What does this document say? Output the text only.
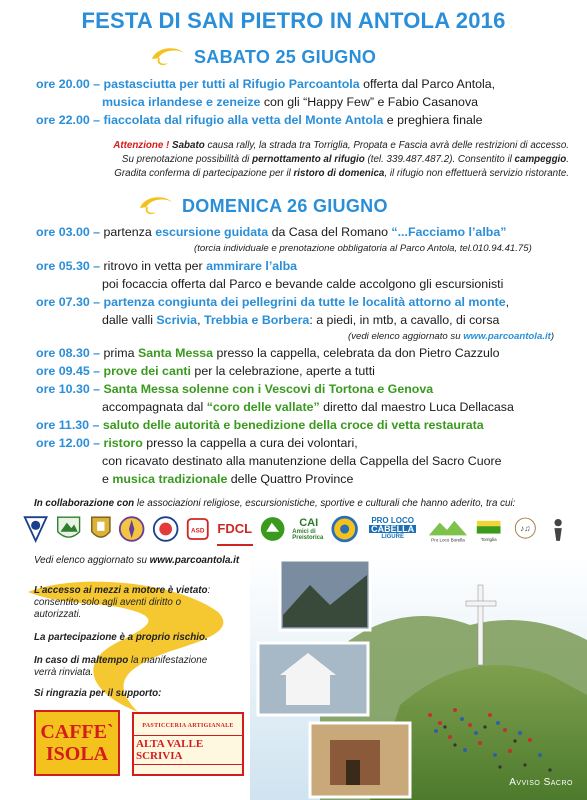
FESTA DI SAN PIETRO IN ANTOLA 2016
SABATO 25 GIUGNO
ore 20.00 – pastasciutta per tutti al Rifugio Parcoantola offerta dal Parco Antola,
musica irlandese e zeneize con gli “Happy Few” e Fabio Casanova
ore 22.00 – fiaccolata dal rifugio alla vetta del Monte Antola e preghiera finale
Attenzione ! Sabato causa rally, la strada tra Torriglia, Propata e Fascia avrà delle restrizioni di accesso.
Su prenotazione possibilità di pernottamento al rifugio (tel. 339.487.487.2). Consentito il campeggio.
Gradita conferma di partecipazione per il ristoro di domenica, il rifugio non effettuerà servizio ristorante.
DOMENICA 26 GIUGNO
ore 03.00 – partenza escursione guidata da Casa del Romano “...Facciamo l’alba”
(torcia individuale e prenotazione obbligatoria al Parco Antola, tel.010.94.41.75)
ore 05.30 – ritrovo in vetta per ammirare l’alba
poi focaccia offerta dal Parco e bevande calde accolgono gli escursionisti
ore 07.30 – partenza congiunta dei pellegrini da tutte le località attorno al monte,
dalle valli Scrivia, Trebbia e Borbera: a piedi, in mtb, a cavallo, di corsa
(vedi elenco aggiornato su www.parcoantola.it)
ore 08.30 – prima Santa Messa presso la cappella, celebrata da don Pietro Cazzulo
ore 09.45 – prove dei canti per la celebrazione, aperte a tutti
ore 10.30 – Santa Messa solenne con i Vescovi di Tortona e Genova
accompagnata dal “coro delle vallate” diretto dal maestro Luca Dellacasa
ore 11.30 – saluto delle autorità e benedizione della croce di vetta restaurata
ore 12.00 – ristoro presso la cappella a cura dei volontari,
con ricavato destinato alla manutenzione della Cappella del Sacro Cuore
e musica tradizionale delle Quattro Province
In collaborazione con le associazioni religiose, escursionistiche, sportive e culturali che hanno aderito, tra cui:
ASD FDCL	CAI
Amici di Preistorica
PRO LOCO
CABELLA
LIGURE
Pro Loco Borella	Torriglia
♪♫
Vedi elenco aggiornato su www.parcoantola.it
Avviso Sacro
L’accesso ai mezzi a motore è vietato:
consentito solo agli aventi diritto o
autorizzati.
La partecipazione è a proprio rischio.
In caso di maltempo la manifestazione
verrà rinviata.
Si ringrazia per il supporto:
CAFFE`
ISOLA
PASTICCERIA ARTIGIANALE
ALTA VALLE SCRIVIA
